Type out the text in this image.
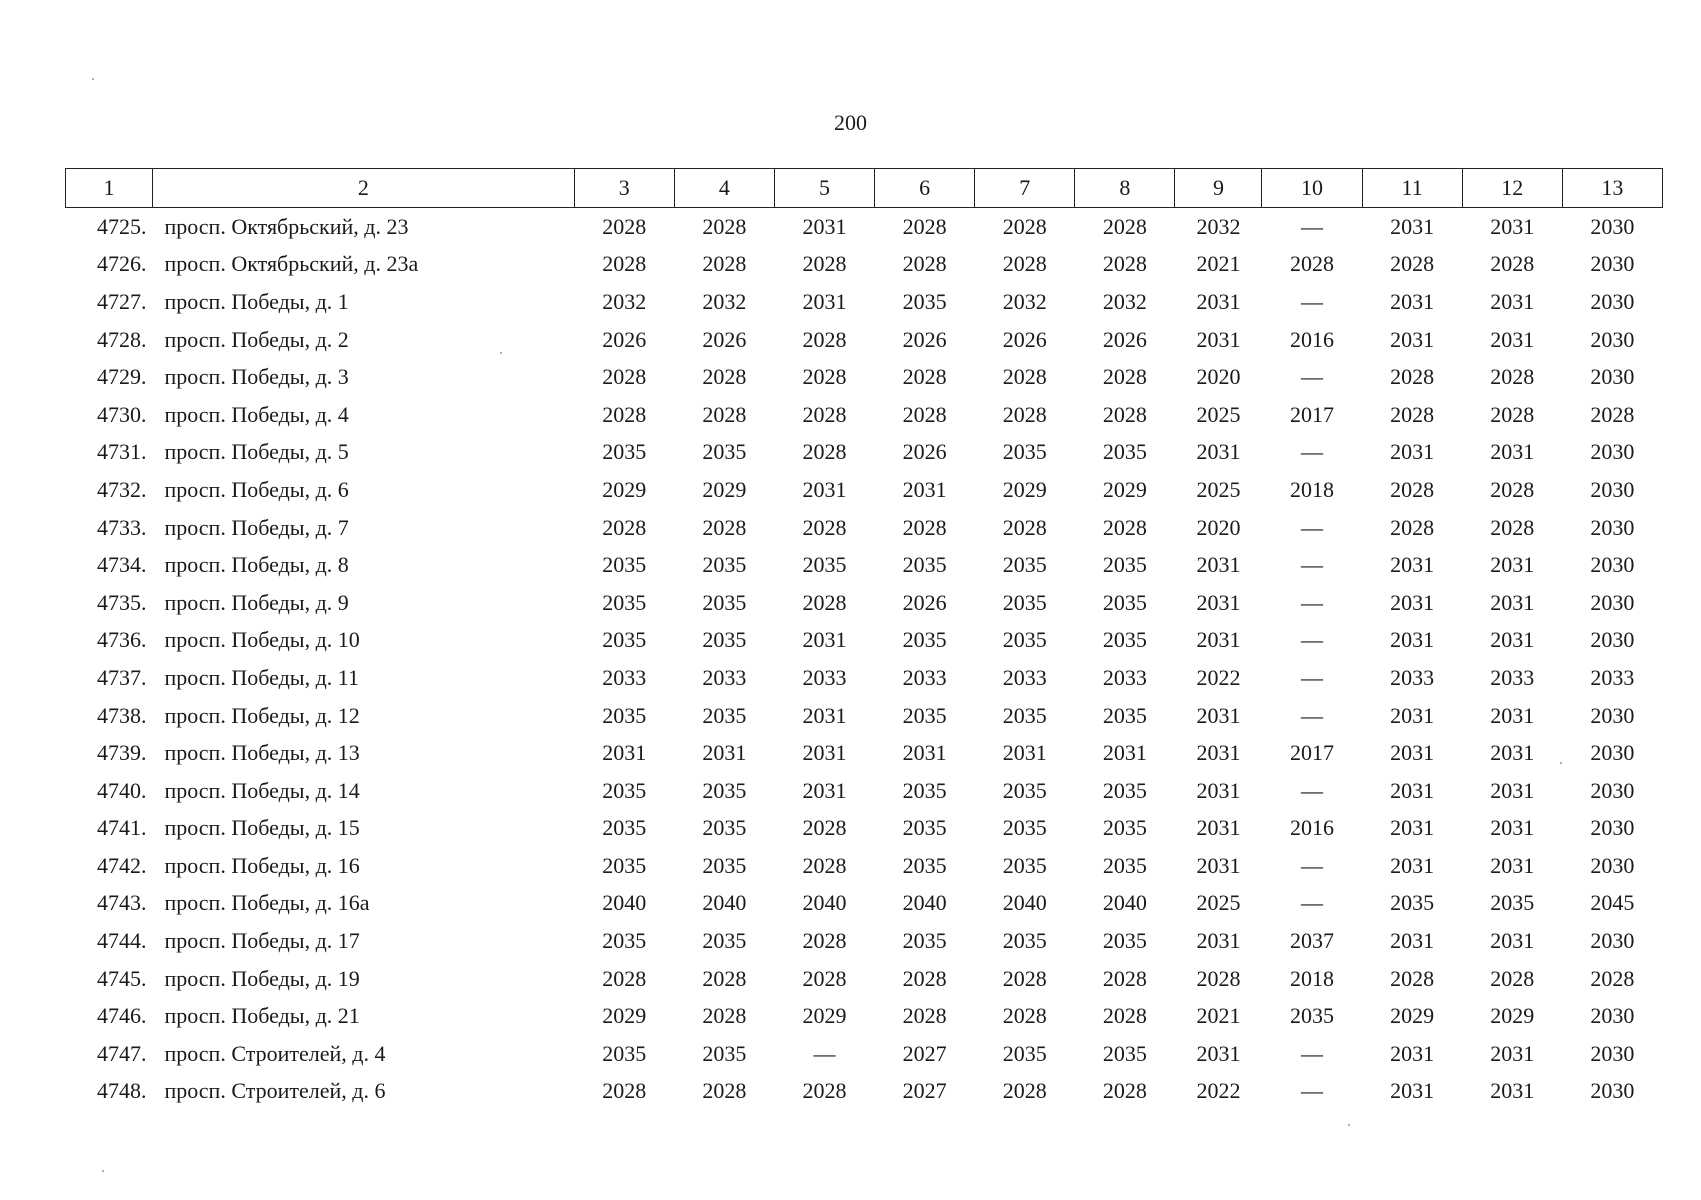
200
1	2	3	4	5	6	7	8	9	10	11	12	13
4725.	просп. Октябрьский, д. 23	2028	2028	2031	2028	2028	2028	2032	—	2031	2031	2030
4726.	просп. Октябрьский, д. 23а	2028	2028	2028	2028	2028	2028	2021	2028	2028	2028	2030
4727.	просп. Победы, д. 1	2032	2032	2031	2035	2032	2032	2031	—	2031	2031	2030
4728.	просп. Победы, д. 2	2026	2026	2028	2026	2026	2026	2031	2016	2031	2031	2030
4729.	просп. Победы, д. 3	2028	2028	2028	2028	2028	2028	2020	—	2028	2028	2030
4730.	просп. Победы, д. 4	2028	2028	2028	2028	2028	2028	2025	2017	2028	2028	2028
4731.	просп. Победы, д. 5	2035	2035	2028	2026	2035	2035	2031	—	2031	2031	2030
4732.	просп. Победы, д. 6	2029	2029	2031	2031	2029	2029	2025	2018	2028	2028	2030
4733.	просп. Победы, д. 7	2028	2028	2028	2028	2028	2028	2020	—	2028	2028	2030
4734.	просп. Победы, д. 8	2035	2035	2035	2035	2035	2035	2031	—	2031	2031	2030
4735.	просп. Победы, д. 9	2035	2035	2028	2026	2035	2035	2031	—	2031	2031	2030
4736.	просп. Победы, д. 10	2035	2035	2031	2035	2035	2035	2031	—	2031	2031	2030
4737.	просп. Победы, д. 11	2033	2033	2033	2033	2033	2033	2022	—	2033	2033	2033
4738.	просп. Победы, д. 12	2035	2035	2031	2035	2035	2035	2031	—	2031	2031	2030
4739.	просп. Победы, д. 13	2031	2031	2031	2031	2031	2031	2031	2017	2031	2031	2030
4740.	просп. Победы, д. 14	2035	2035	2031	2035	2035	2035	2031	—	2031	2031	2030
4741.	просп. Победы, д. 15	2035	2035	2028	2035	2035	2035	2031	2016	2031	2031	2030
4742.	просп. Победы, д. 16	2035	2035	2028	2035	2035	2035	2031	—	2031	2031	2030
4743.	просп. Победы, д. 16а	2040	2040	2040	2040	2040	2040	2025	—	2035	2035	2045
4744.	просп. Победы, д. 17	2035	2035	2028	2035	2035	2035	2031	2037	2031	2031	2030
4745.	просп. Победы, д. 19	2028	2028	2028	2028	2028	2028	2028	2018	2028	2028	2028
4746.	просп. Победы, д. 21	2029	2028	2029	2028	2028	2028	2021	2035	2029	2029	2030
4747.	просп. Строителей, д. 4	2035	2035	—	2027	2035	2035	2031	—	2031	2031	2030
4748.	просп. Строителей, д. 6	2028	2028	2028	2027	2028	2028	2022	—	2031	2031	2030
